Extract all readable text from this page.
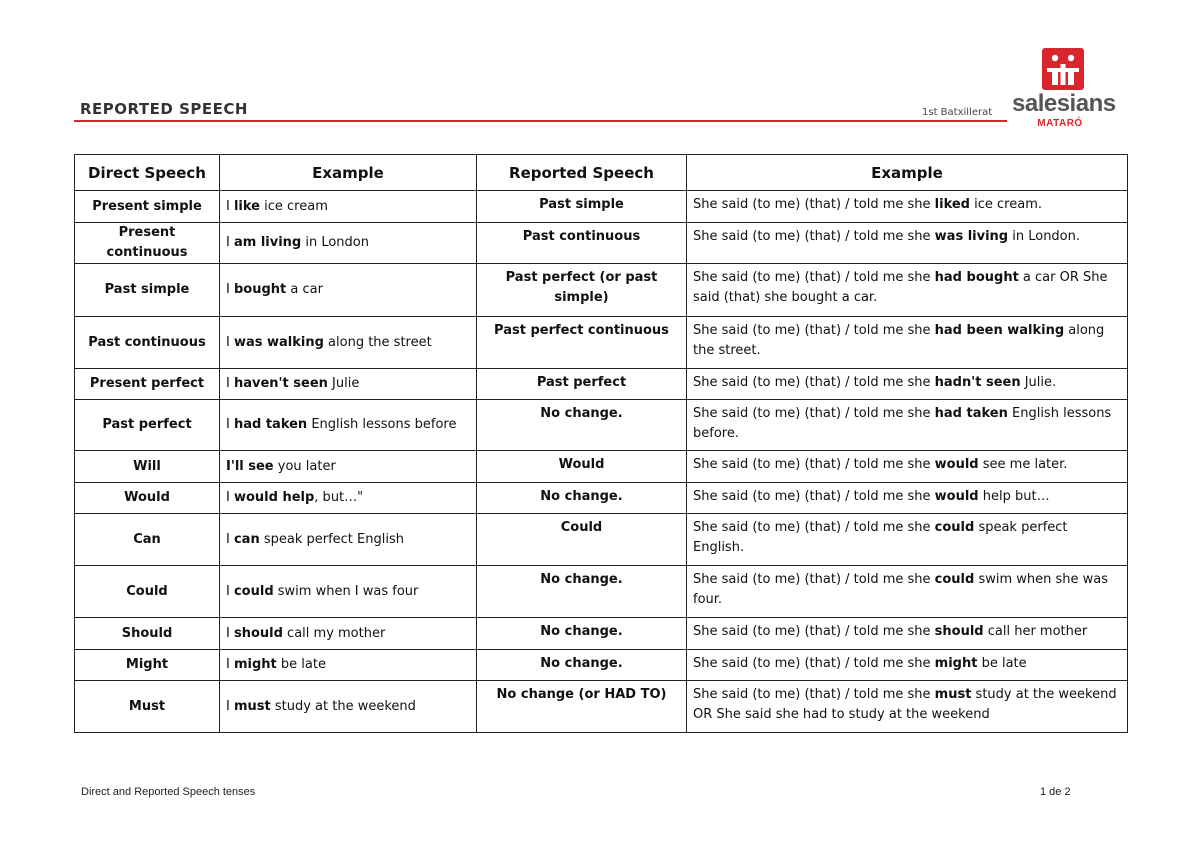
REPORTED SPEECH	1st Batxillerat salesians
MATARÓ
Direct Speech	Example	Reported Speech	Example
Present simple	I like ice cream	Past simple	She said (to me) (that) / told me she liked ice cream.
Present continuous	I am living in London	Past continuous	She said (to me) (that) / told me she was living in London.
Past simple	I bought a car	Past perfect (or past simple)	She said (to me) (that) / told me she had bought a car OR She said (that) she bought a car.
Past continuous	I was walking along the street	Past perfect continuous	She said (to me) (that) / told me she had been walking along the street.
Present perfect	I haven't seen Julie	Past perfect	She said (to me) (that) / told me she hadn't seen Julie.
Past perfect	I had taken English lessons before	No change.	She said (to me) (that) / told me she had taken English lessons before.
Will	I'll see you later	Would	She said (to me) (that) / told me she would see me later.
Would	I would help, but…"	No change.	She said (to me) (that) / told me she would help but…
Can	I can speak perfect English	Could	She said (to me) (that) / told me she could speak perfect English.
Could	I could swim when I was four	No change.	She said (to me) (that) / told me she could swim when she was four.
Should	I should call my mother	No change.	She said (to me) (that) / told me she should call her mother
Might	I might be late	No change.	She said (to me) (that) / told me she might be late
Must	I must study at the weekend	No change (or HAD TO)	She said (to me) (that) / told me she must study at the weekend OR She said she had to study at the weekend
Direct and Reported Speech tenses	1 de 2
